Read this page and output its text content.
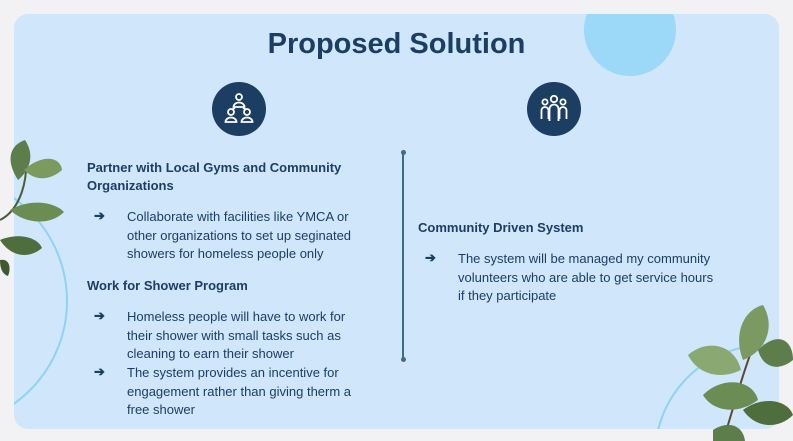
Proposed Solution
Partner with Local Gyms and Community
Organizations
➔ Collaborate with facilities like YMCA or
other organizations to set up seginated
showers for homeless people only
Work for Shower Program
➔ Homeless people will have to work for
their shower with small tasks such as
cleaning to earn their shower
➔ The system provides an incentive for
engagement rather than giving therm a
free shower
Community Driven System
➔ The system will be managed my community
volunteers who are able to get service hours
if they participate
